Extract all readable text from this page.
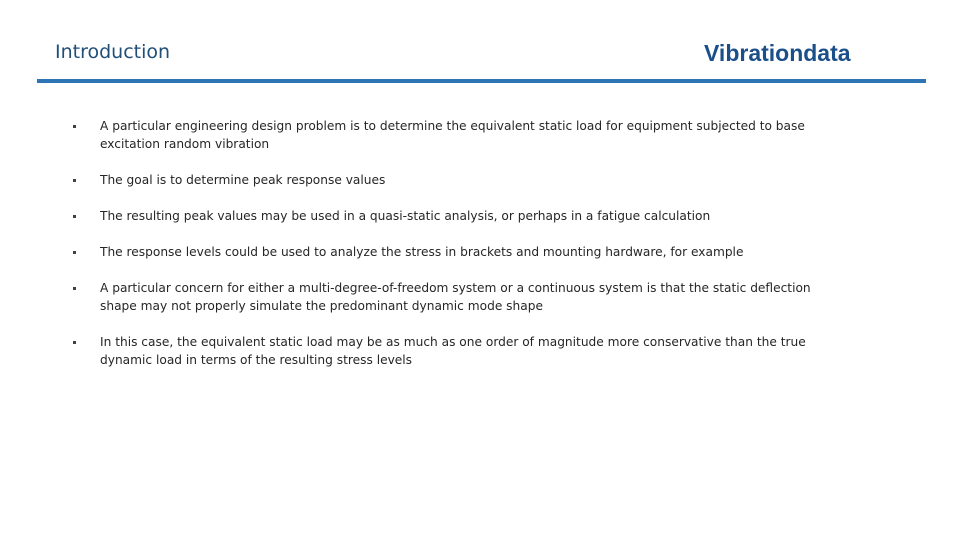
Introduction	Vibrationdata
A particular engineering design problem is to determine the equivalent static load for equipment subjected to base excitation random vibration
The goal is to determine peak response values
The resulting peak values may be used in a quasi-static analysis, or perhaps in a fatigue calculation
The response levels could be used to analyze the stress in brackets and mounting hardware, for example
A particular concern for either a multi-degree-of-freedom system or a continuous system is that the static deflection shape may not properly simulate the predominant dynamic mode shape
In this case, the equivalent static load may be as much as one order of magnitude more conservative than the true dynamic load in terms of the resulting stress levels
